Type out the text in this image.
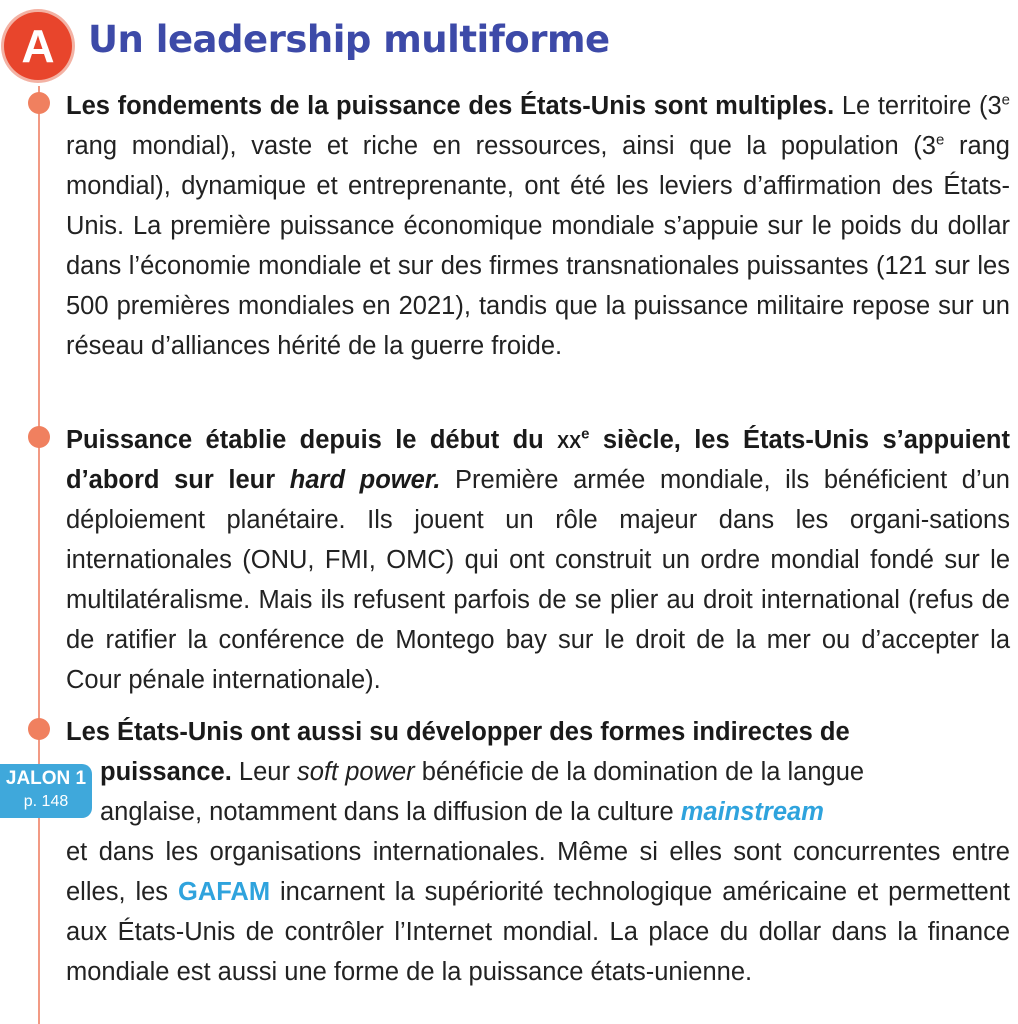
A Un leadership multiforme
Les fondements de la puissance des États-Unis sont multiples. Le territoire (3e rang mondial), vaste et riche en ressources, ainsi que la population (3e rang mondial), dynamique et entreprenante, ont été les leviers d’affirmation des États-Unis. La première puissance économique mondiale s’appuie sur le poids du dollar dans l’économie mondiale et sur des firmes transnationales puissantes (121 sur les 500 premières mondiales en 2021), tandis que la puissance militaire repose sur un réseau d’alliances hérité de la guerre froide.
Puissance établie depuis le début du $xx^e$ siècle, les États-Unis s’appuient d’abord sur leur hard power. Première armée mondiale, ils bénéficient d’un déploiement planétaire. Ils jouent un rôle majeur dans les organi-sations internationales (ONU, FMI, OMC) qui ont construit un ordre mondial fondé sur le multilatéralisme. Mais ils refusent parfois de se plier au droit international (refus de de ratifier la conférence de Montego bay sur le droit de la mer ou d’accepter la Cour pénale internationale).
JALON 1
p. 148
Les États-Unis ont aussi su développer des formes indirectes de
puissance. Leur soft power bénéficie de la domination de la langue
anglaise, notamment dans la diffusion de la culture mainstream
et dans les organisations internationales. Même si elles sont concurrentes entre elles, les GAFAM incarnent la supériorité technologique américaine et permettent aux États-Unis de contrôler l’Internet mondial. La place du dollar dans la finance mondiale est aussi une forme de la puissance états-unienne.
